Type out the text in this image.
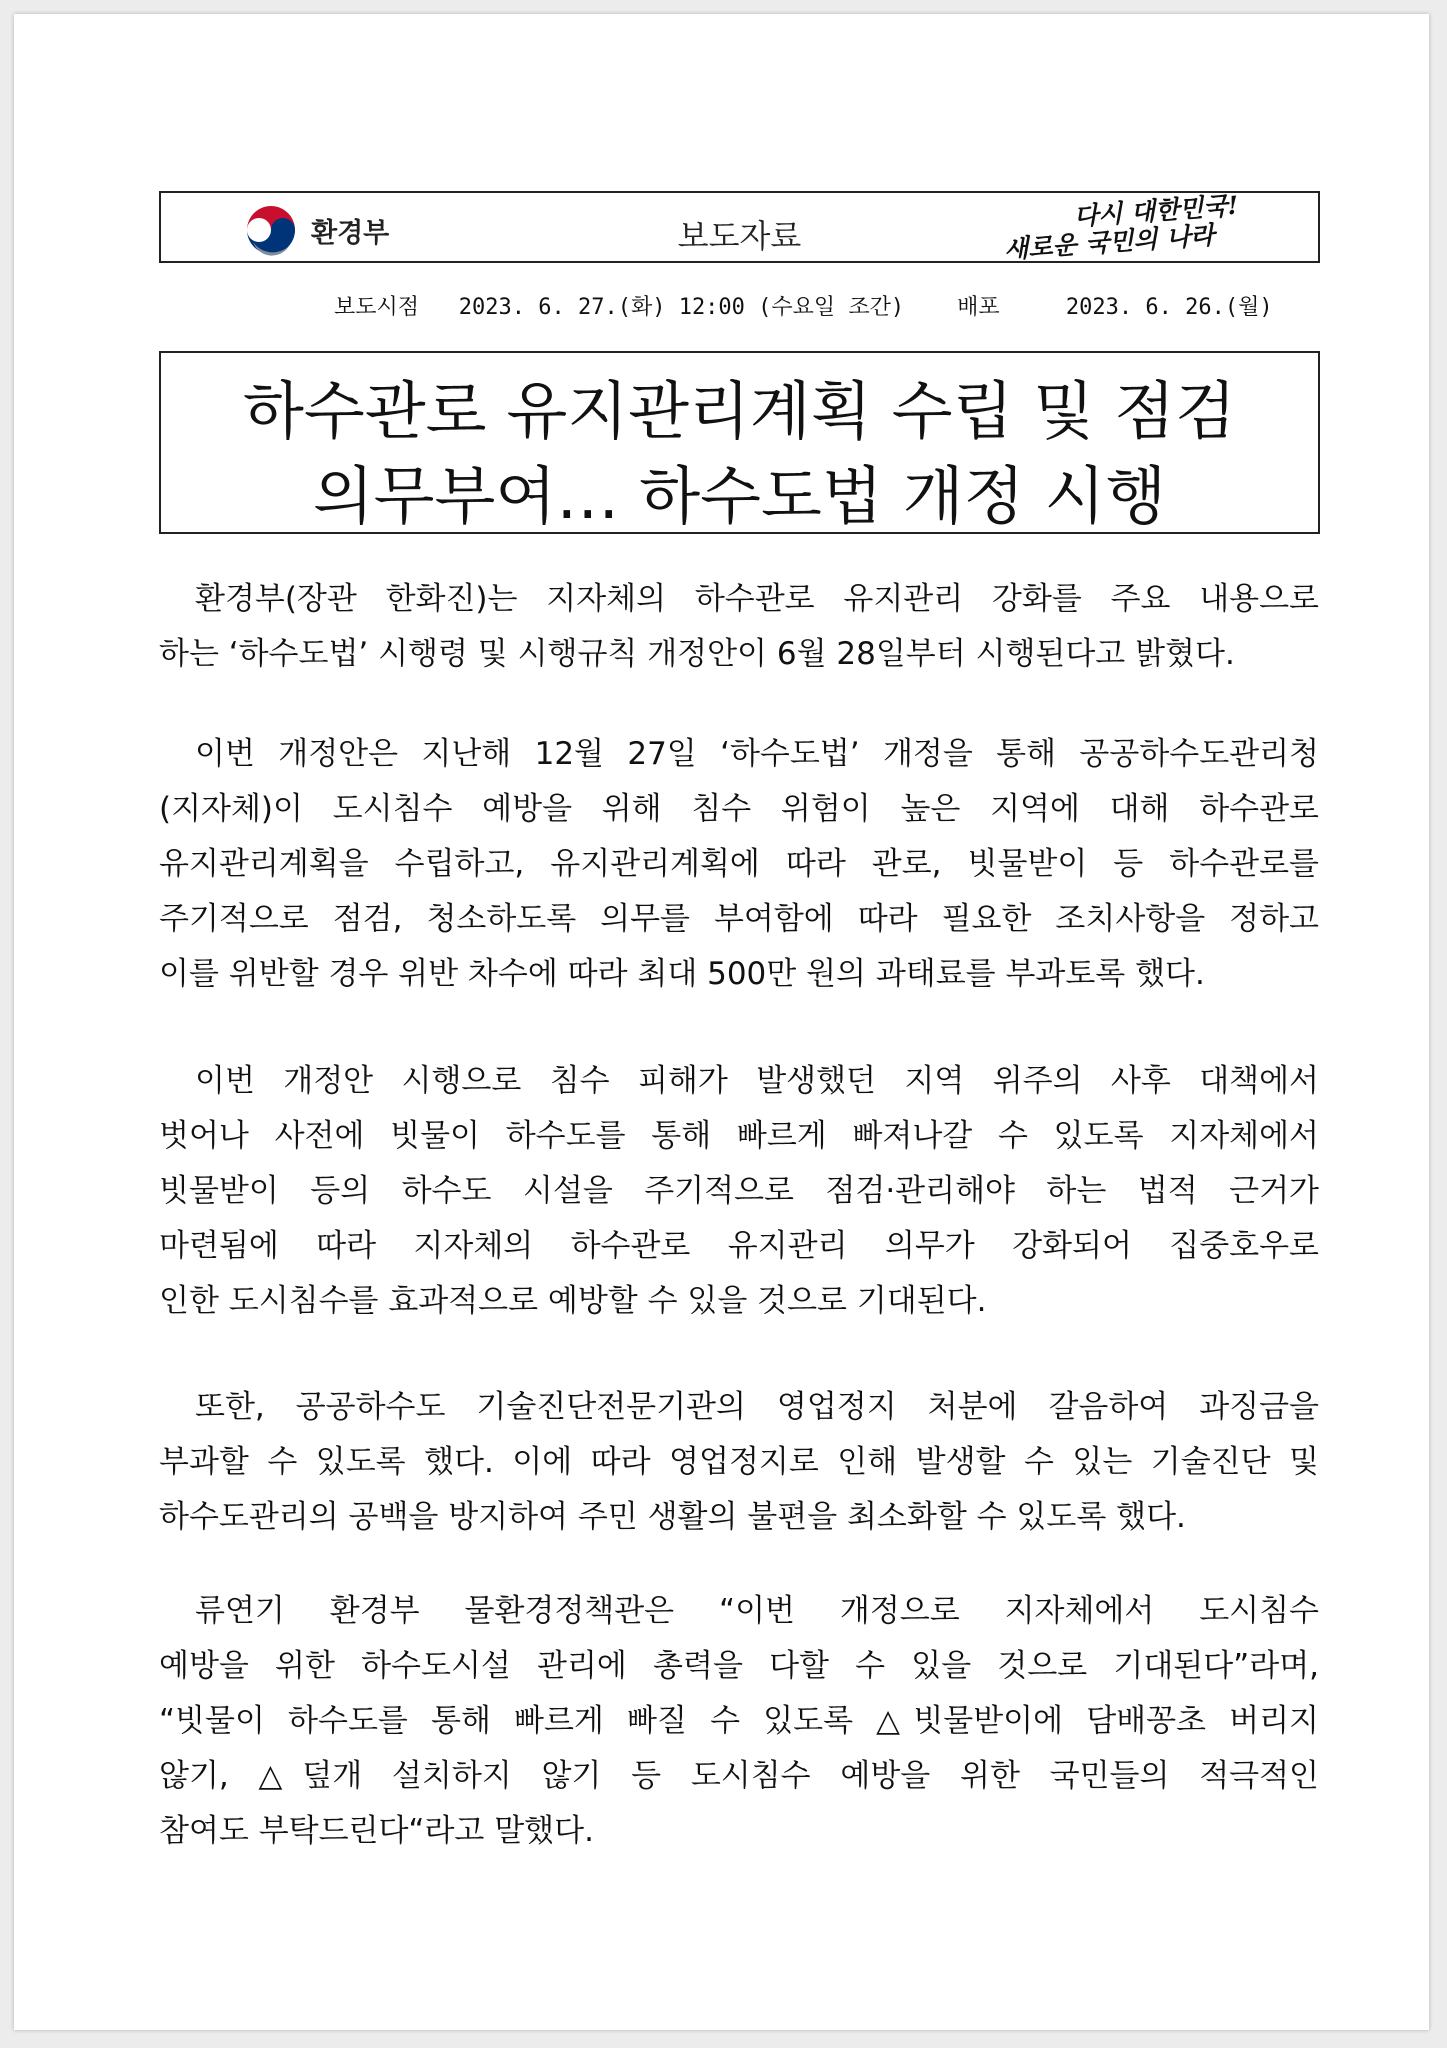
환경부	보도자료
다시 대한민국!
새로운 국민의 나라
보도시점 2023. 6. 27.(화) 12:00 (수요일 조간) 배포	2023. 6. 26.(월)
하수관로 유지관리계획 수립 및 점검
의무부여… 하수도법 개정 시행
환경부(장관 한화진)는 지자체의 하수관로 유지관리 강화를 주요 내용으로
하는 ‘하수도법’ 시행령 및 시행규칙 개정안이 6월 28일부터 시행된다고 밝혔다.
이번 개정안은 지난해 12월 27일 ‘하수도법’ 개정을 통해 공공하수도관리청
(지자체)이 도시침수 예방을 위해 침수 위험이 높은 지역에 대해 하수관로
유지관리계획을 수립하고, 유지관리계획에 따라 관로, 빗물받이 등 하수관로를
주기적으로 점검, 청소하도록 의무를 부여함에 따라 필요한 조치사항을 정하고
이를 위반할 경우 위반 차수에 따라 최대 500만 원의 과태료를 부과토록 했다.
이번 개정안 시행으로 침수 피해가 발생했던 지역 위주의 사후 대책에서
벗어나 사전에 빗물이 하수도를 통해 빠르게 빠져나갈 수 있도록 지자체에서
빗물받이 등의 하수도 시설을 주기적으로 점검·관리해야 하는 법적 근거가
마련됨에 따라 지자체의 하수관로 유지관리 의무가 강화되어 집중호우로
인한 도시침수를 효과적으로 예방할 수 있을 것으로 기대된다.
또한, 공공하수도 기술진단전문기관의 영업정지 처분에 갈음하여 과징금을
부과할 수 있도록 했다. 이에 따라 영업정지로 인해 발생할 수 있는 기술진단 및
하수도관리의 공백을 방지하여 주민 생활의 불편을 최소화할 수 있도록 했다.
류연기 환경부 물환경정책관은 “이번 개정으로 지자체에서 도시침수
예방을 위한 하수도시설 관리에 총력을 다할 수 있을 것으로 기대된다”라며,
“빗물이 하수도를 통해 빠르게 빠질 수 있도록 △빗물받이에 담배꽁초 버리지
않기, △덮개 설치하지 않기 등 도시침수 예방을 위한 국민들의 적극적인
참여도 부탁드린다“라고 말했다.
